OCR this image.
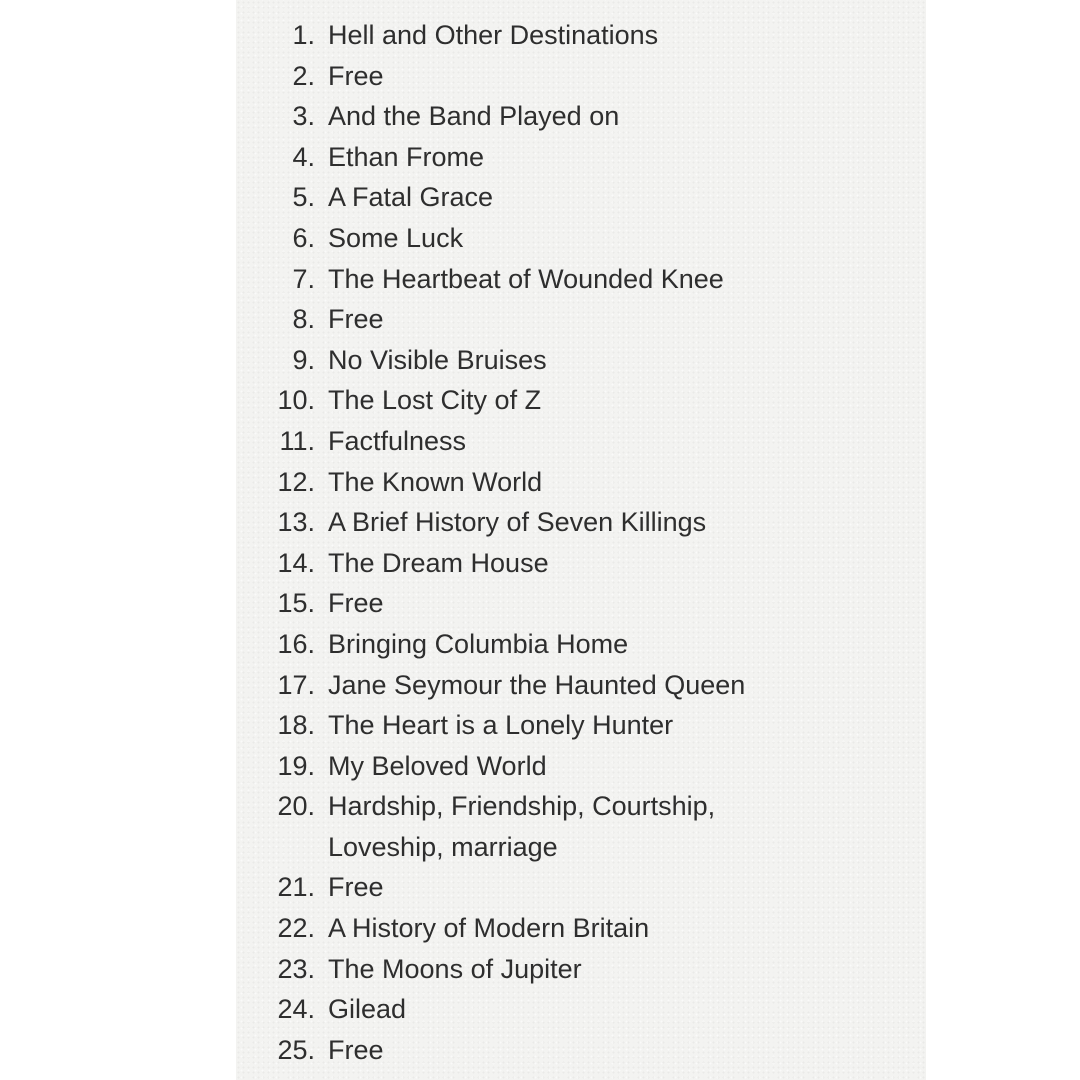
1. Hell and Other Destinations
2. Free
3. And the Band Played on
4. Ethan Frome
5. A Fatal Grace
6. Some Luck
7. The Heartbeat of Wounded Knee
8. Free
9. No Visible Bruises
10. The Lost City of Z
11. Factfulness
12. The Known World
13. A Brief History of Seven Killings
14. The Dream House
15. Free
16. Bringing Columbia Home
17. Jane Seymour the Haunted Queen
18. The Heart is a Lonely Hunter
19. My Beloved World
20. Hardship, Friendship, Courtship, Loveship, marriage
21. Free
22. A History of Modern Britain
23. The Moons of Jupiter
24. Gilead
25. Free
